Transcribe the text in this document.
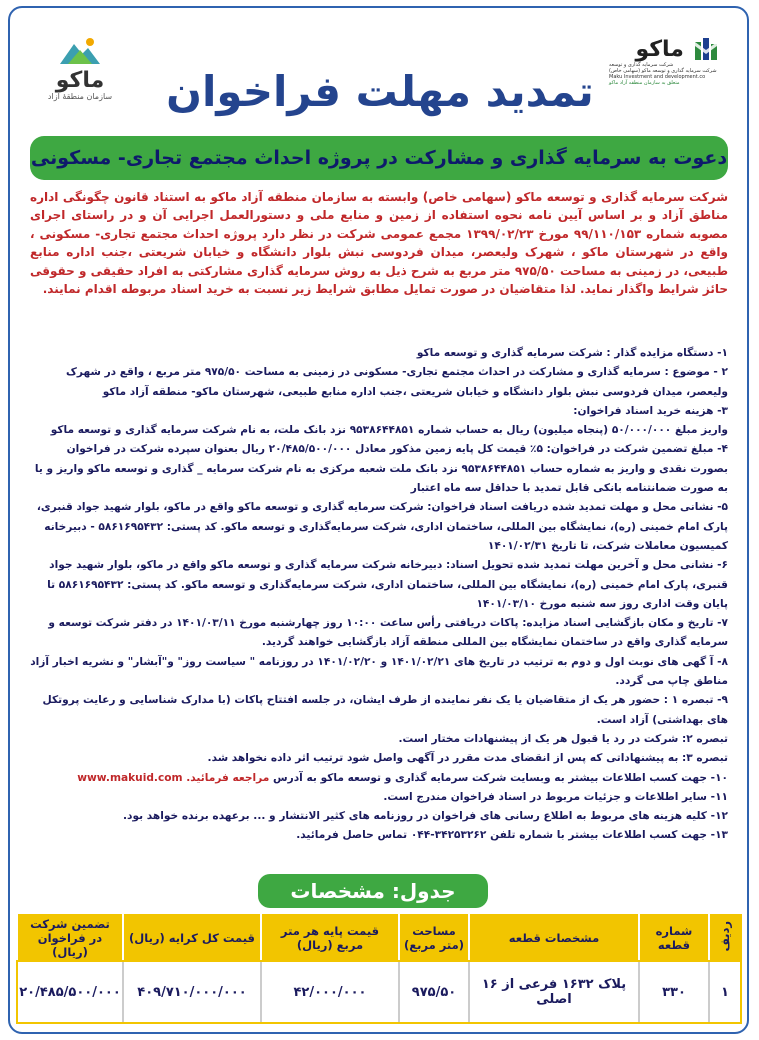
ماکو
شرکت سرمایه گذاری و توسعه
شرکت سرمایه گذاری و توسعه ماکو (سهامی خاص)
Maku Investment and development.co
متعلق به سازمان منطقه آزاد ماکو
ماکو
سازمان منطقهٔ آزاد	تمدید مهلت فراخوان
دعوت به سرمایه گذاری و مشارکت در پروژه احداث مجتمع تجاری- مسکونی
شرکت سرمایه گذاری و توسعه ماکو (سهامی خاص) وابسته به سازمان منطقه آزاد ماکو به استناد قانون چگونگی اداره مناطق آزاد و بر اساس آیین نامه نحوه استفاده از زمین و منابع ملی و دستورالعمل اجرایی آن و در راستای اجرای مصوبه شماره ۹۹/۱۱۰/۱۵۳ مورخ ۱۳۹۹/۰۲/۲۳ مجمع عمومی شرکت در نظر دارد پروژه احداث مجتمع تجاری- مسکونی ، واقع در شهرستان ماکو ، شهرک ولیعصر، میدان فردوسی نبش بلوار دانشگاه و خیابان شریعتی ،جنب اداره منابع طبیعی، در زمینی به مساحت ۹۷۵/۵۰ متر مربع به شرح ذیل به روش سرمایه گذاری مشارکتی به افراد حقیقی و حقوقی حائز شرایط واگذار نماید. لذا متقاضیان در صورت تمایل مطابق شرایط زیر نسبت به خرید اسناد مربوطه اقدام نمایند.

۱- دستگاه مزایده گذار : شرکت سرمایه گذاری و توسعه ماکو

۲ - موضوع : سرمایه گذاری و مشارکت در احداث مجتمع تجاری- مسکونی در زمینی به مساحت ۹۷۵/۵۰ متر مربع ، واقع در شهرک ولیعصر، میدان فردوسی نبش بلوار دانشگاه و خیابان شریعتی ،جنب اداره منابع طبیعی، شهرستان ماکو- منطقه آزاد ماکو

۳- هزینه خرید اسناد فراخوان:

واریز مبلغ ۵۰/۰۰۰/۰۰۰ (پنجاه میلیون) ریال به حساب شماره ۹۵۳۸۶۴۴۸۵۱ نزد بانک ملت، به نام شرکت سرمایه گذاری و توسعه ماکو

۴- مبلغ تضمین شرکت در فراخوان: ۵٪ قیمت کل پایه زمین مذکور معادل ۲۰/۴۸۵/۵۰۰/۰۰۰ ریال بعنوان سپرده شرکت در فراخوان بصورت نقدی و واریز به شماره حساب ۹۵۳۸۶۴۴۸۵۱ نزد بانک ملت شعبه مرکزی به نام شرکت سرمایه _ گذاری و توسعه ماکو واریز و یا به صورت ضمانتنامه بانکی قابل تمدید با حداقل سه ماه اعتبار

۵- نشانی محل و مهلت تمدید شده دریافت اسناد فراخوان: شرکت سرمایه گذاری و توسعه ماکو واقع در ماکو، بلوار شهید جواد قنبری، پارک امام خمینی (ره)، نمایشگاه بین المللی، ساختمان اداری، شرکت سرمایه‌گذاری و توسعه ماکو. کد پستی: ۵۸۶۱۶۹۵۴۳۲ - دبیرخانه کمیسیون معاملات شرکت، تا تاریخ ۱۴۰۱/۰۲/۳۱

۶- نشانی محل و آخرین مهلت تمدید شده تحویل اسناد: دبیرخانه شرکت سرمایه گذاری و توسعه ماکو واقع در ماکو، بلوار شهید جواد قنبری، پارک امام خمینی (ره)، نمایشگاه بین المللی، ساختمان اداری، شرکت سرمایه‌گذاری و توسعه ماکو. کد پستی: ۵۸۶۱۶۹۵۴۳۲ تا پایان وقت اداری روز سه شنبه مورخ ۱۴۰۱/۰۳/۱۰

۷- تاریخ و مکان بازگشایی اسناد مزایده: پاکات دریافتی رأس ساعت ۱۰:۰۰ روز چهارشنبه مورخ ۱۴۰۱/۰۳/۱۱ در دفتر شرکت توسعه و سرمایه گذاری واقع در ساختمان نمایشگاه بین المللی منطقه آزاد بازگشایی خواهند گردید.

۸- آ گهی های نوبت اول و دوم به ترتیب در تاریخ های ۱۴۰۱/۰۲/۲۱ و ۱۴۰۱/۰۲/۲۰ در روزنامه " سیاست روز" و"آبشار" و نشریه اخبار آزاد مناطق چاپ می گردد.

۹- تبصره ۱ : حضور هر یک از متقاضیان یا یک نفر نماینده از طرف ایشان، در جلسه افتتاح پاکات (با مدارک شناسایی و رعایت پروتکل های بهداشتی) آزاد است.

تبصره ۲: شرکت در رد یا قبول هر یک از پیشنهادات مختار است.

تبصره ۳: به پیشنهاداتی که پس از انقضای مدت مقرر در آگهی واصل شود ترتیب اثر داده نخواهد شد.

۱۰- جهت کسب اطلاعات بیشتر به وبسایت شرکت سرمایه گذاری و توسعه ماکو به آدرس مراجعه فرمائید. www.makuid.com

۱۱- سایر اطلاعات و جزئیات مربوط در اسناد فراخوان مندرج است.

۱۲- کلیه هزینه های مربوط به اطلاع رسانی های فراخوان در روزنامه های کثیر الانتشار و ... برعهده برنده خواهد بود.

۱۳- جهت کسب اطلاعات بیشتر با شماره تلفن ۳۴۲۵۳۲۶۲-۰۴۴ تماس حاصل فرمائید.

جدول: مشخصات
ردیف	شماره قطعه	مشخصات قطعه	مساحت (متر مربع)	قیمت پایه هر متر مربع (ریال)	قیمت کل کرایه (ریال)	تضمین شرکت در فراخوان (ریال)
۱	۳۳۰	پلاک ۱۶۳۲ فرعی از ۱۶ اصلی	۹۷۵/۵۰	۴۲/۰۰۰/۰۰۰	۴۰۹/۷۱۰/۰۰۰/۰۰۰	۲۰/۴۸۵/۵۰۰/۰۰۰
